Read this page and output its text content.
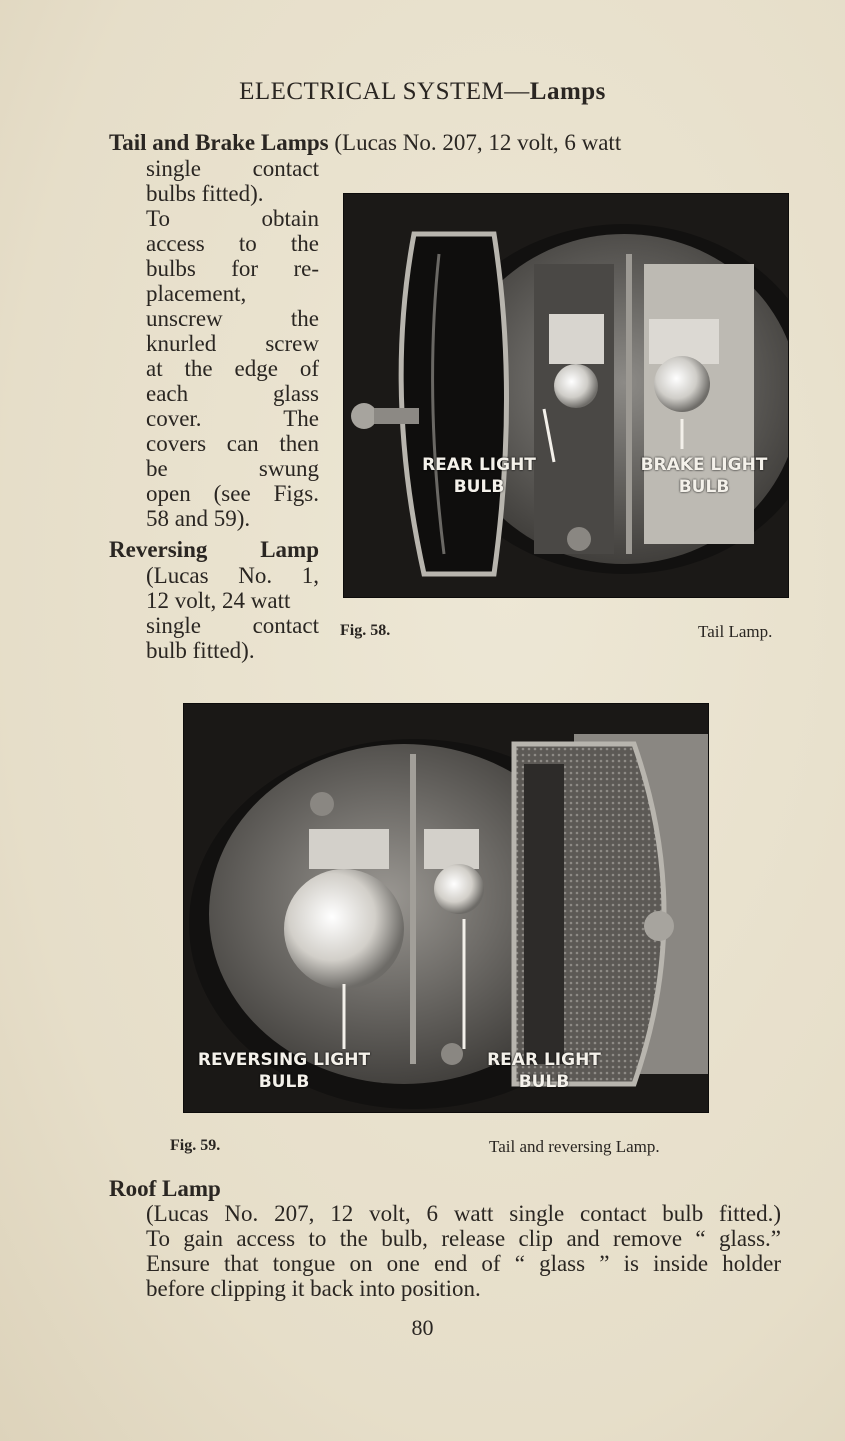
ELECTRICAL SYSTEM—Lamps
Tail and Brake Lamps (Lucas No. 207, 12 volt, 6 watt
single contact
bulbs fitted).
To obtain
access to the
bulbs for re-
placement,
unscrew the
knurled screw
at the edge of
each glass
cover. The
covers can then
be swung
open (see Figs.
58 and 59).
Reversing Lamp
(Lucas No. 1,
12 volt, 24 watt
single contact
bulb fitted).
REAR LIGHT BULB
BRAKE LIGHT BULB
Fig. 58.	Tail Lamp.
REVERSING LIGHT BULB
REAR LIGHT BULB
Fig. 59.	Tail and reversing Lamp.
Roof Lamp
(Lucas No. 207, 12 volt, 6 watt single contact bulb fitted.)
To gain access to the bulb, release clip and remove “ glass.”
Ensure that tongue on one end of “ glass ” is inside holder
before clipping it back into position.
80
